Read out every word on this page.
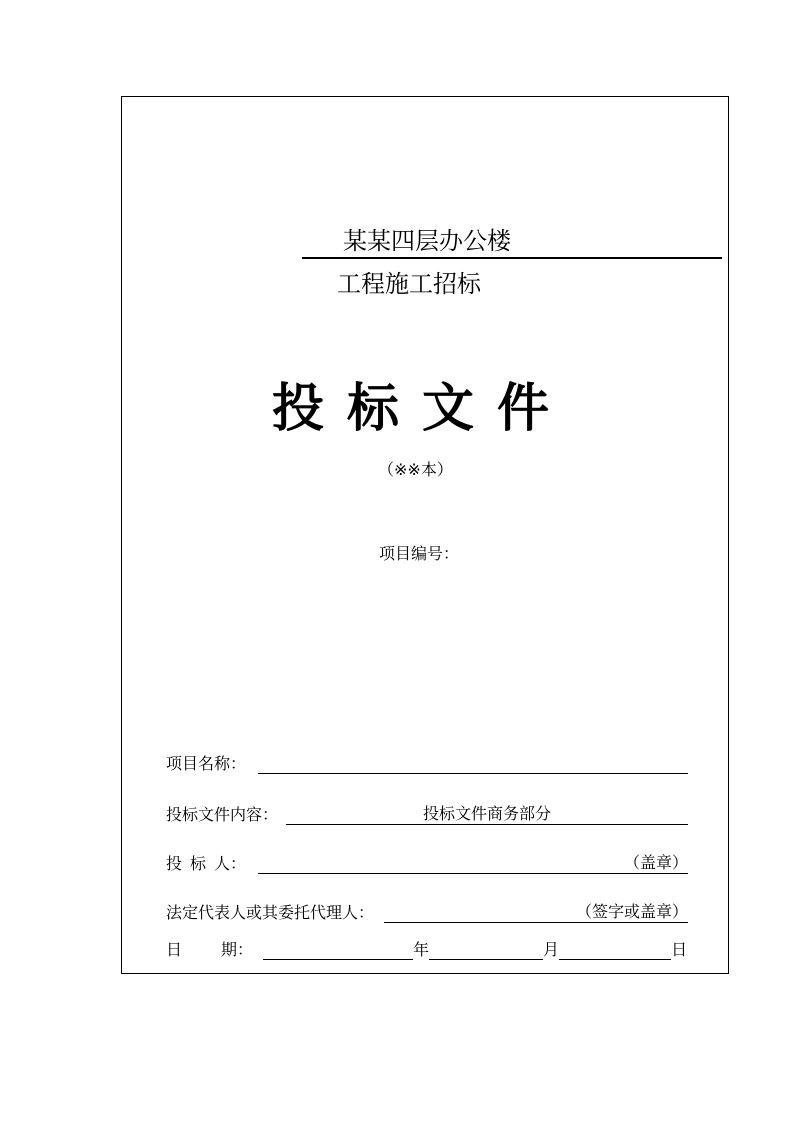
某某四层办公楼
工程施工招标
投标文件
（※※本）
项目编号：
项目名称：
投标文件内容：	投标文件商务部分
投 标 人：	（盖章）
法定代表人或其委托代理人：	（签字或盖章）
日 期：	年	月	日
